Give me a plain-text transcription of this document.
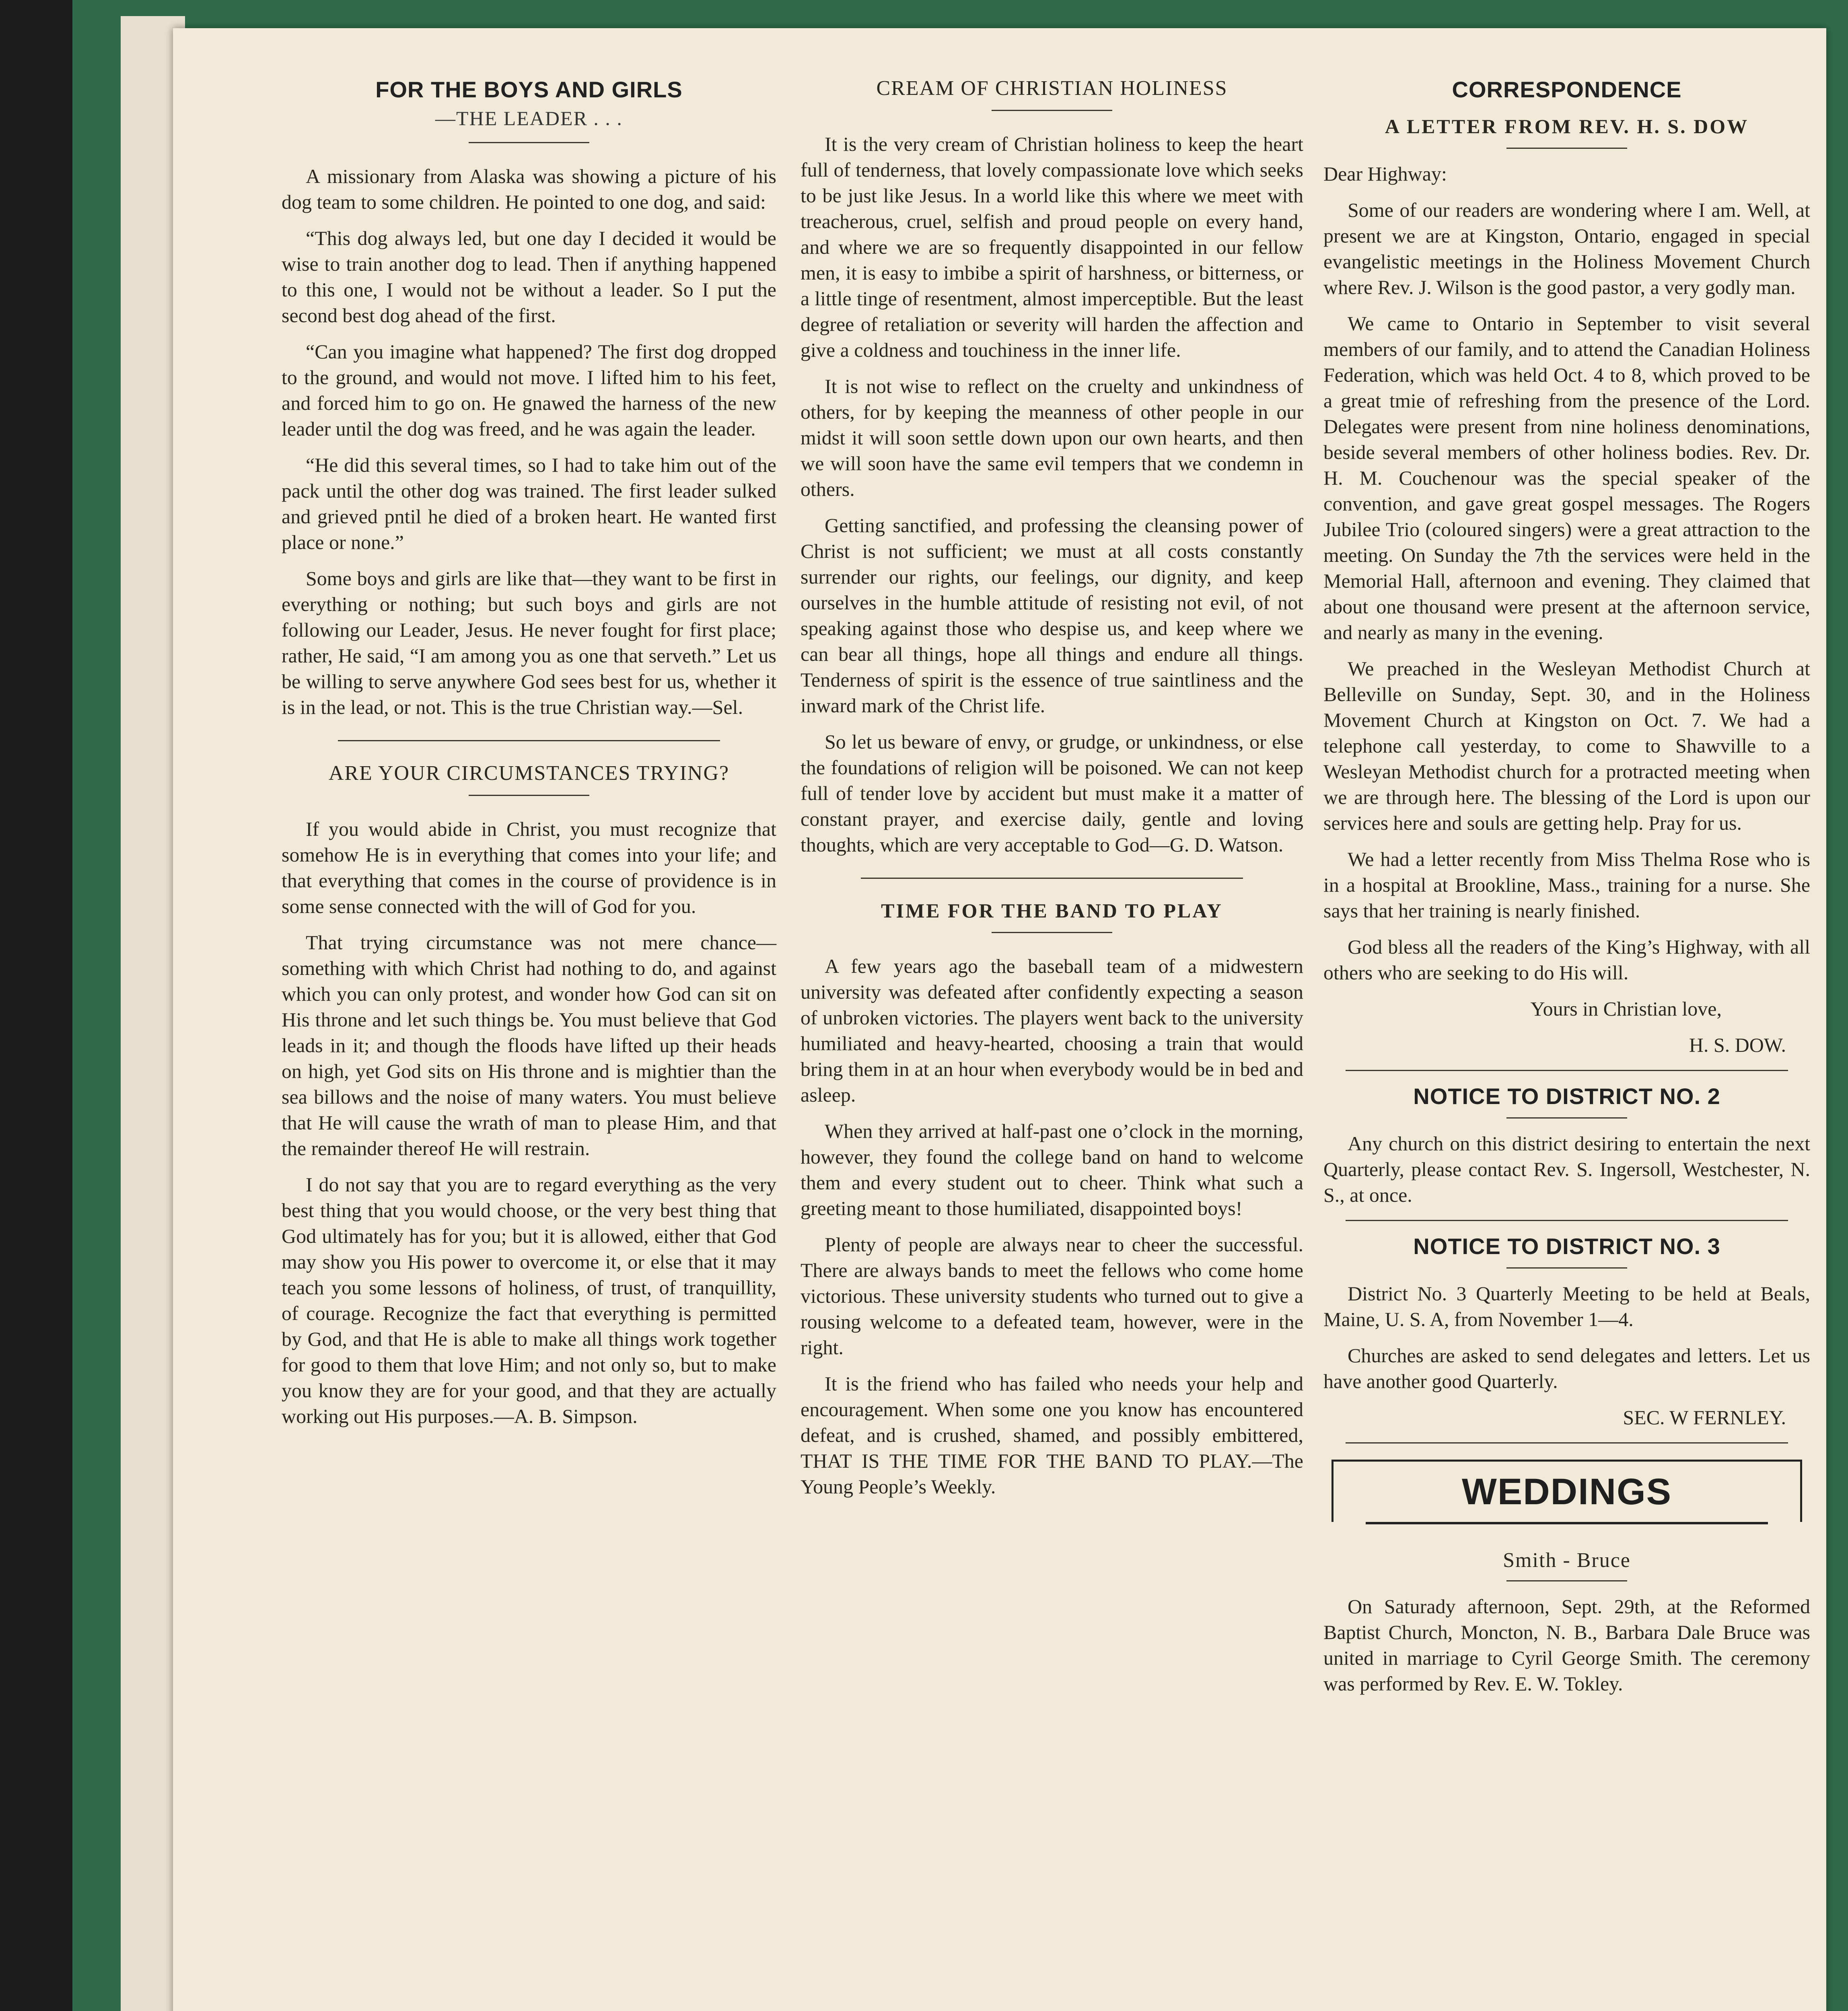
FOR THE BOYS AND GIRLS
—THE LEADER . . .

A missionary from Alaska was showing a picture of his dog team to some children. He pointed to one dog, and said:

“This dog always led, but one day I decided it would be wise to train another dog to lead. Then if anything happened to this one, I would not be without a leader. So I put the second best dog ahead of the first.

“Can you imagine what happened? The first dog dropped to the ground, and would not move. I lifted him to his feet, and forced him to go on. He gnawed the harness of the new leader until the dog was freed, and he was again the leader.

“He did this several times, so I had to take him out of the pack until the other dog was trained. The first leader sulked and grieved pntil he died of a broken heart. He wanted first place or none.”

Some boys and girls are like that—they want to be first in everything or nothing; but such boys and girls are not following our Leader, Jesus. He never fought for first place; rather, He said, “I am among you as one that serveth.” Let us be willing to serve anywhere God sees best for us, whether it is in the lead, or not. This is the true Christian way.—Sel.

ARE YOUR CIRCUMSTANCES TRYING?

If you would abide in Christ, you must recognize that somehow He is in everything that comes into your life; and that everything that comes in the course of providence is in some sense connected with the will of God for you.

That trying circumstance was not mere chance—something with which Christ had nothing to do, and against which you can only protest, and wonder how God can sit on His throne and let such things be. You must believe that God leads in it; and though the floods have lifted up their heads on high, yet God sits on His throne and is mightier than the sea billows and the noise of many waters. You must believe that He will cause the wrath of man to please Him, and that the remainder thereof He will restrain.

I do not say that you are to regard everything as the very best thing that you would choose, or the very best thing that God ultimately has for you; but it is allowed, either that God may show you His power to overcome it, or else that it may teach you some lessons of holiness, of trust, of tranquillity, of courage. Recognize the fact that everything is permitted by God, and that He is able to make all things work together for good to them that love Him; and not only so, but to make you know they are for your good, and that they are actually working out His purposes.—A. B. Simpson.

CREAM OF CHRISTIAN HOLINESS

It is the very cream of Christian holiness to keep the heart full of tenderness, that lovely compassionate love which seeks to be just like Jesus. In a world like this where we meet with treacherous, cruel, selfish and proud people on every hand, and where we are so frequently disappointed in our fellow men, it is easy to imbibe a spirit of harshness, or bitterness, or a little tinge of resentment, almost imperceptible. But the least degree of retaliation or severity will harden the affection and give a coldness and touchiness in the inner life.

It is not wise to reflect on the cruelty and unkindness of others, for by keeping the meanness of other people in our midst it will soon settle down upon our own hearts, and then we will soon have the same evil tempers that we condemn in others.

Getting sanctified, and professing the cleansing power of Christ is not sufficient; we must at all costs constantly surrender our rights, our feelings, our dignity, and keep ourselves in the humble attitude of resisting not evil, of not speaking against those who despise us, and keep where we can bear all things, hope all things and endure all things. Tenderness of spirit is the essence of true saintliness and the inward mark of the Christ life.

So let us beware of envy, or grudge, or unkindness, or else the foundations of religion will be poisoned. We can not keep full of tender love by accident but must make it a matter of constant prayer, and exercise daily, gentle and loving thoughts, which are very acceptable to God—G. D. Watson.

TIME FOR THE BAND TO PLAY

A few years ago the baseball team of a midwestern university was defeated after confidently expecting a season of unbroken victories. The players went back to the university humiliated and heavy-hearted, choosing a train that would bring them in at an hour when everybody would be in bed and asleep.

When they arrived at half-past one o’clock in the morning, however, they found the college band on hand to welcome them and every student out to cheer. Think what such a greeting meant to those humiliated, disappointed boys!

Plenty of people are always near to cheer the successful. There are always bands to meet the fellows who come home victorious. These university students who turned out to give a rousing welcome to a defeated team, however, were in the right.

It is the friend who has failed who needs your help and encouragement. When some one you know has encountered defeat, and is crushed, shamed, and possibly embittered, THAT IS THE TIME FOR THE BAND TO PLAY.—The Young People’s Weekly.

CORRESPONDENCE
A LETTER FROM REV. H. S. DOW

Dear Highway:

Some of our readers are wondering where I am. Well, at present we are at Kingston, Ontario, engaged in special evangelistic meetings in the Holiness Movement Church where Rev. J. Wilson is the good pastor, a very godly man.

We came to Ontario in September to visit several members of our family, and to attend the Canadian Holiness Federation, which was held Oct. 4 to 8, which proved to be a great tmie of refreshing from the presence of the Lord. Delegates were present from nine holiness denominations, beside several members of other holiness bodies. Rev. Dr. H. M. Couchenour was the special speaker of the convention, and gave great gospel messages. The Rogers Jubilee Trio (coloured singers) were a great attraction to the meeting. On Sunday the 7th the services were held in the Memorial Hall, afternoon and evening. They claimed that about one thousand were present at the afternoon service, and nearly as many in the evening.

We preached in the Wesleyan Methodist Church at Belleville on Sunday, Sept. 30, and in the Holiness Movement Church at Kingston on Oct. 7. We had a telephone call yesterday, to come to Shawville to a Wesleyan Methodist church for a protracted meeting when we are through here. The blessing of the Lord is upon our services here and souls are getting help. Pray for us.

We had a letter recently from Miss Thelma Rose who is in a hospital at Brookline, Mass., training for a nurse. She says that her training is nearly finished.

God bless all the readers of the King’s Highway, with all others who are seeking to do His will.

Yours in Christian love,

H. S. DOW.

NOTICE TO DISTRICT NO. 2

Any church on this district desiring to entertain the next Quarterly, please contact Rev. S. Ingersoll, Westchester, N. S., at once.

NOTICE TO DISTRICT NO. 3

District No. 3 Quarterly Meeting to be held at Beals, Maine, U. S. A, from November 1—4.

Churches are asked to send delegates and letters. Let us have another good Quarterly.

SEC. W FERNLEY.

WEDDINGS
Smith - Bruce

On Saturady afternoon, Sept. 29th, at the Reformed Baptist Church, Moncton, N. B., Barbara Dale Bruce was united in marriage to Cyril George Smith. The ceremony was performed by Rev. E. W. Tokley.
